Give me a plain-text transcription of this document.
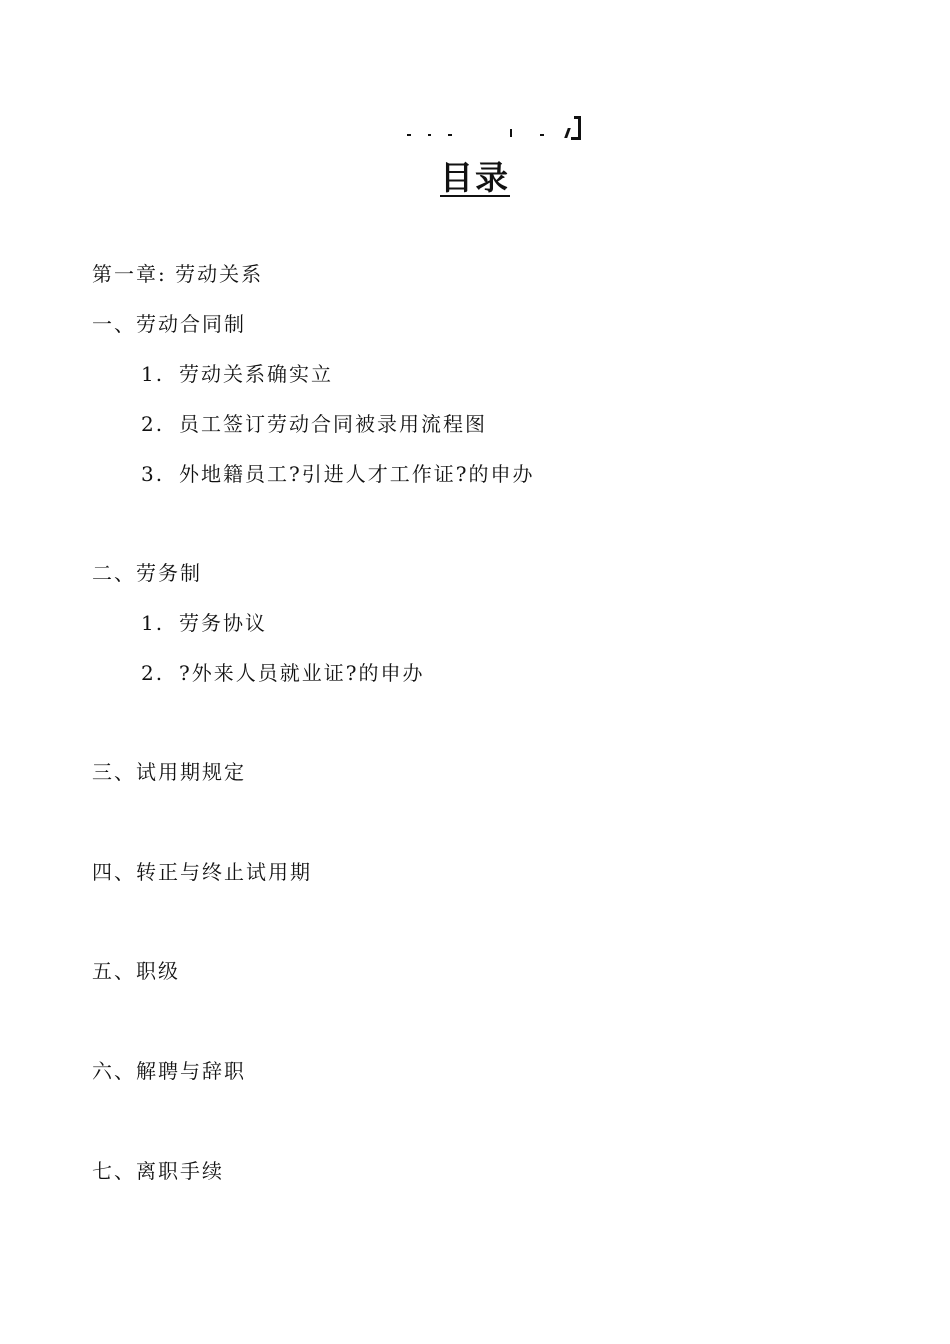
目录
第一章: 劳动关系
一、劳动合同制
1. 劳动关系确实立
2. 员工签订劳动合同被录用流程图
3. 外地籍员工?引进人才工作证?的申办
二、劳务制
1. 劳务协议
2. ?外来人员就业证?的申办
三、试用期规定
四、转正与终止试用期
五、职级
六、解聘与辞职
七、离职手续
